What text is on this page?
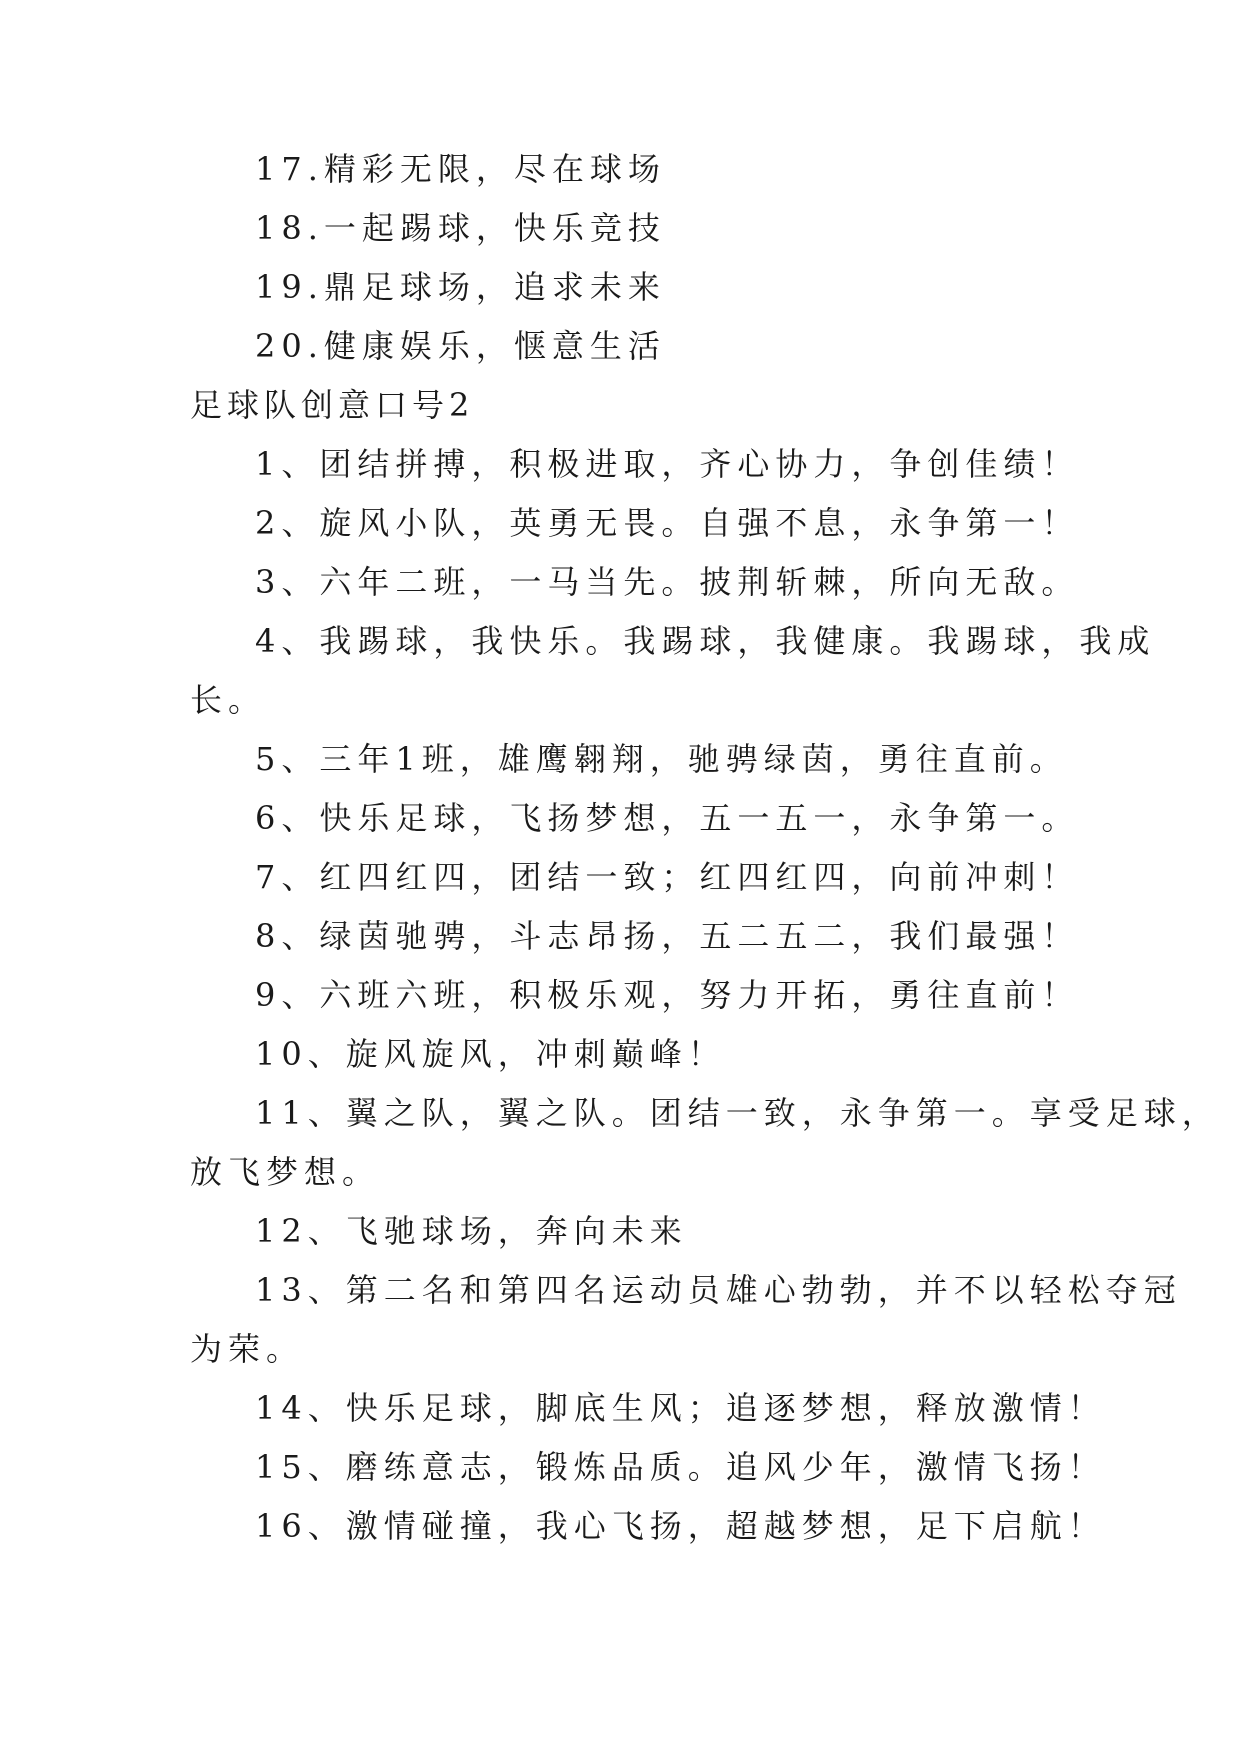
17.精彩无限，尽在球场
18.一起踢球，快乐竞技
19.鼎足球场，追求未来
20.健康娱乐，惬意生活
足球队创意口号2
1、团结拼搏，积极进取，齐心协力，争创佳绩！
2、旋风小队，英勇无畏。自强不息，永争第一！
3、六年二班，一马当先。披荆斩棘，所向无敌。
4、我踢球，我快乐。我踢球，我健康。我踢球，我成
长。
5、三年1班，雄鹰翱翔，驰骋绿茵，勇往直前。
6、快乐足球，飞扬梦想，五一五一，永争第一。
7、红四红四，团结一致；红四红四，向前冲刺！
8、绿茵驰骋，斗志昂扬，五二五二，我们最强！
9、六班六班，积极乐观，努力开拓，勇往直前！
10、旋风旋风，冲刺巅峰！
11、翼之队，翼之队。团结一致，永争第一。享受足球，
放飞梦想。
12、飞驰球场，奔向未来
13、第二名和第四名运动员雄心勃勃，并不以轻松夺冠
为荣。
14、快乐足球，脚底生风；追逐梦想，释放激情！
15、磨练意志，锻炼品质。追风少年，激情飞扬！
16、激情碰撞，我心飞扬，超越梦想，足下启航！
